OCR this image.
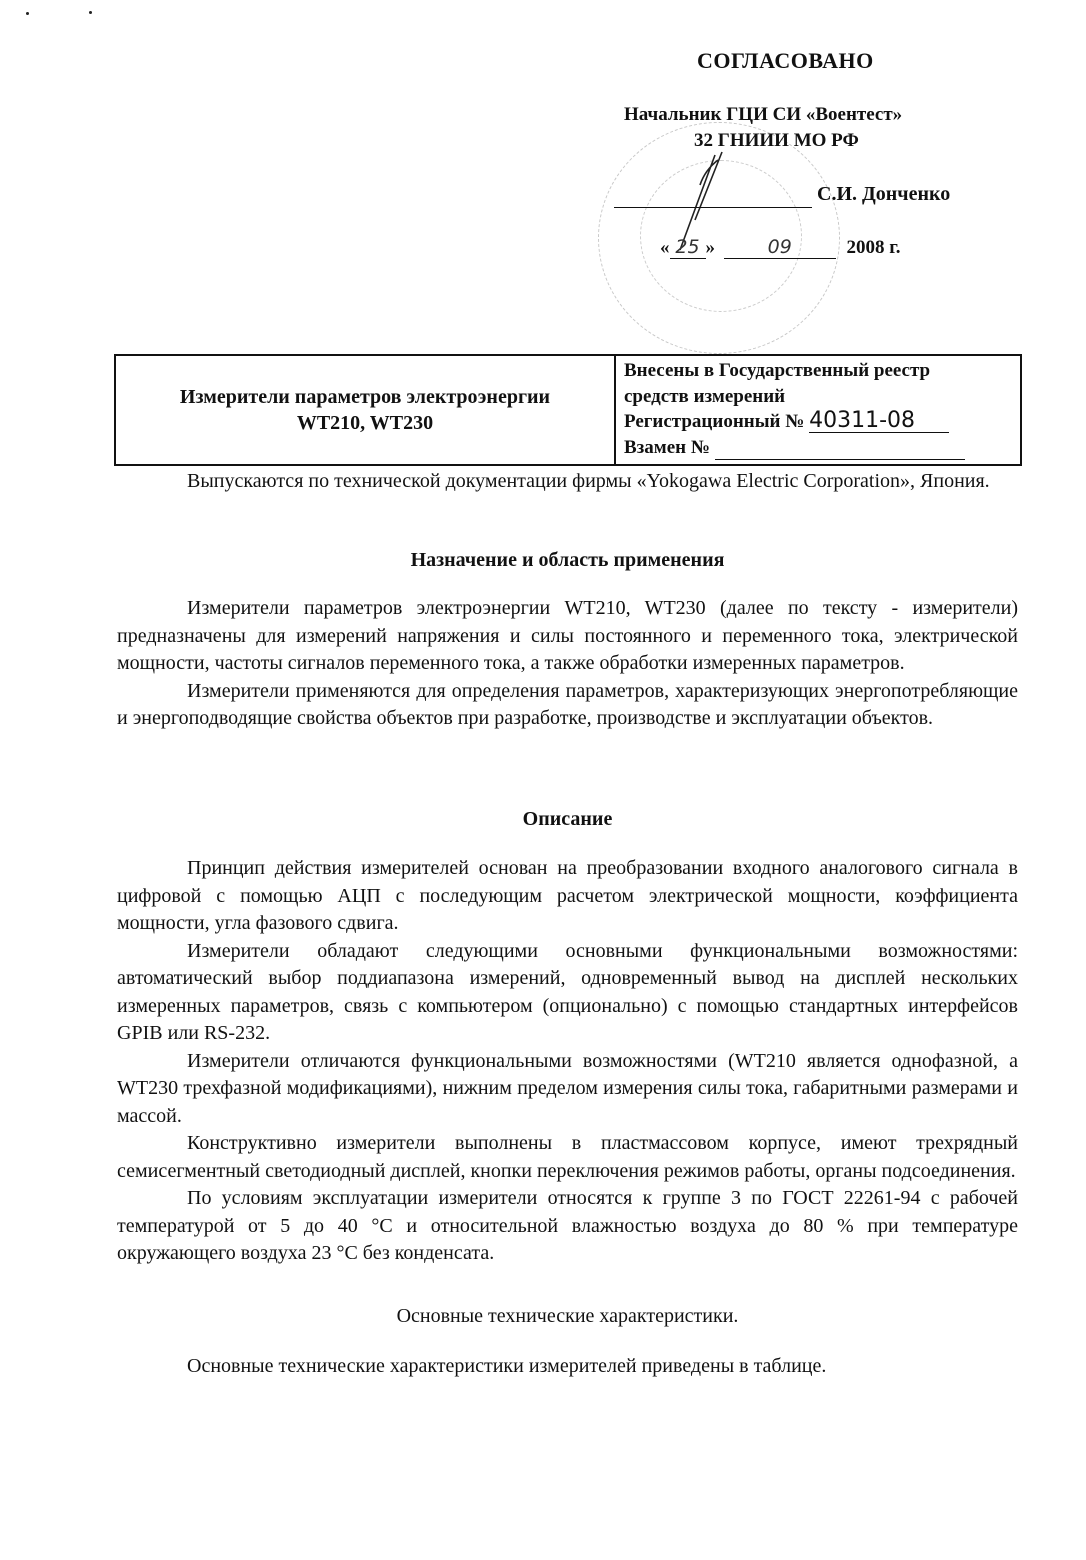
СОГЛАСОВАНО
Начальник ГЦИ СИ «Воентест»
32 ГНИИИ МО РФ
С.И. Донченко
« 25 »	09	2008 г.
Измерители параметров электроэнергии
WT210, WT230
Внесены в Государственный реестр
средств измерений
Регистрационный № 40311-08
Взамен №

Выпускаются по технической документации фирмы «Yokogawa Electric Corporation», Япония.

Назначение и область применения

Измерители параметров электроэнергии WT210, WT230 (далее по тексту - измерители) предназначены для измерений напряжения и силы постоянного и переменного тока, электрической мощности, частоты сигналов переменного тока, а также обработки измеренных параметров.

Измерители применяются для определения параметров, характеризующих энергопотребляющие и энергоподводящие свойства объектов при разработке, производстве и эксплуатации объектов.

Описание

Принцип действия измерителей основан на преобразовании входного аналогового сигнала в цифровой с помощью АЦП с последующим расчетом электрической мощности, коэффициента мощности, угла фазового сдвига.

Измерители обладают следующими основными функциональными возможностями: автоматический выбор поддиапазона измерений, одновременный вывод на дисплей нескольких измеренных параметров, связь с компьютером (опционально) с помощью стандартных интерфейсов GPIB или RS-232.

Измерители отличаются функциональными возможностями (WT210 является однофазной, а WT230 трехфазной модификациями), нижним пределом измерения силы тока, габаритными размерами и массой.

Конструктивно измерители выполнены в пластмассовом корпусе, имеют трехрядный семисегментный светодиодный дисплей, кнопки переключения режимов работы, органы подсоединения.

По условиям эксплуатации измерители относятся к группе 3 по ГОСТ 22261-94 с рабочей температурой от 5 до 40 °С и относительной влажностью воздуха до 80 % при температуре окружающего воздуха 23 °С без конденсата.

Основные технические характеристики.

Основные технические характеристики измерителей приведены в таблице.
